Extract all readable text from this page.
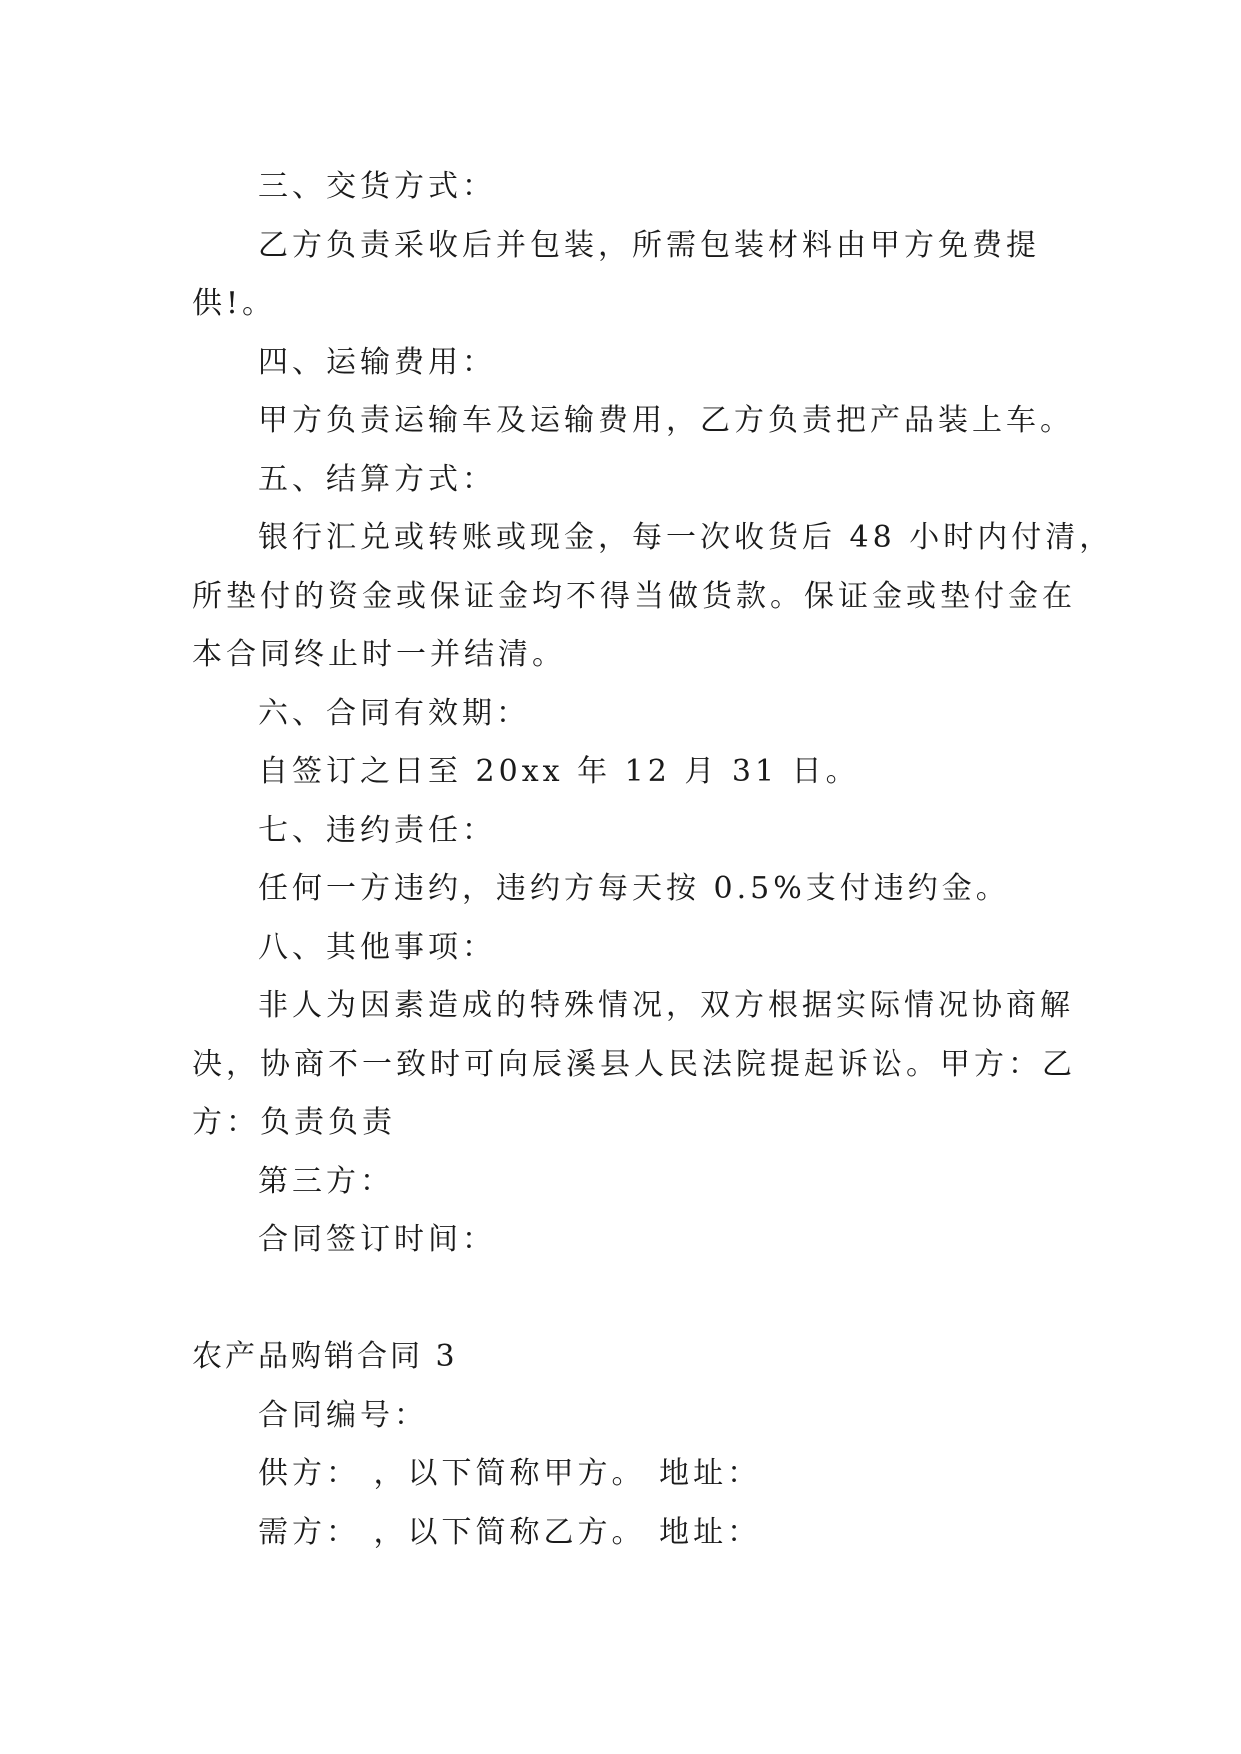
三、交货方式：
乙方负责采收后并包装，所需包装材料由甲方免费提
供!。
四、运输费用：
甲方负责运输车及运输费用，乙方负责把产品装上车。
五、结算方式：
银行汇兑或转账或现金，每一次收货后 48 小时内付清，
所垫付的资金或保证金均不得当做货款。保证金或垫付金在
本合同终止时一并结清。
六、合同有效期：
自签订之日至 20xx 年 12 月 31 日。
七、违约责任：
任何一方违约，违约方每天按 0.5%支付违约金。
八、其他事项：
非人为因素造成的特殊情况，双方根据实际情况协商解
决，协商不一致时可向辰溪县人民法院提起诉讼。甲方：乙
方：负责负责
第三方：
合同签订时间：
农产品购销合同 3
合同编号：
供方： ，以下简称甲方。 地址：
需方： ，以下简称乙方。 地址：
